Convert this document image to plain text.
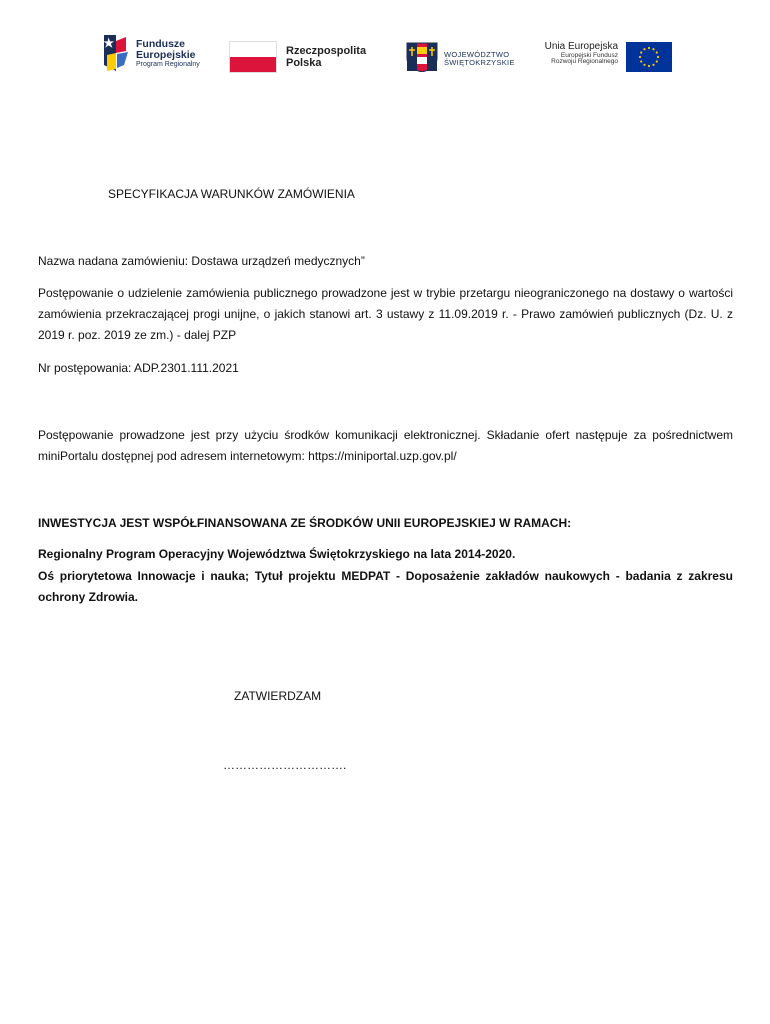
Fundusze
Europejskie
Program Regionalny
Rzeczpospolita
Polska
WOJEWÓDZTWO
ŚWIĘTOKRZYSKIE
Unia Europejska
Europejski Fundusz
Rozwoju Regionalnego
SPECYFIKACJA WARUNKÓW ZAMÓWIENIA
Nazwa nadana zamówieniu: Dostawa urządzeń medycznych”
Postępowanie o udzielenie zamówienia publicznego prowadzone jest w trybie przetargu nieograniczonego na dostawy o wartości zamówienia przekraczającej progi unijne, o jakich stanowi art. 3 ustawy z 11.09.2019 r. - Prawo zamówień publicznych (Dz. U. z 2019 r. poz. 2019 ze zm.) - dalej PZP
Nr postępowania: ADP.2301.111.2021
Postępowanie prowadzone jest przy użyciu środków komunikacji elektronicznej. Składanie ofert następuje za pośrednictwem miniPortalu dostępnej pod adresem internetowym: https://miniportal.uzp.gov.pl/
INWESTYCJA JEST WSPÓŁFINANSOWANA ZE ŚRODKÓW UNII EUROPEJSKIEJ W RAMACH:
Regionalny Program Operacyjny Województwa Świętokrzyskiego na lata 2014-2020.
Oś priorytetowa Innowacje i nauka; Tytuł projektu MEDPAT - Doposażenie zakładów naukowych - badania z zakresu ochrony Zdrowia.
ZATWIERDZAM
………………………….
